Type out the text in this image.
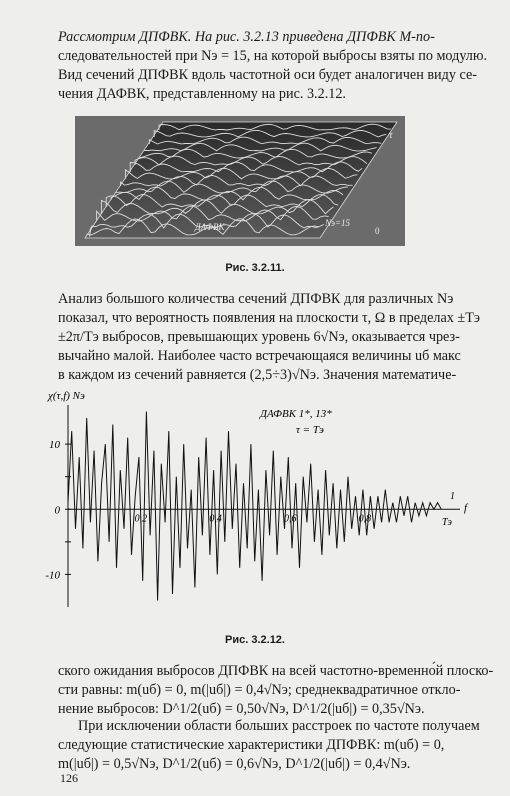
Рассмотрим ДПФВК. На рис. 3.2.13 приведена ДПФВК М-по-
следовательностей при Nэ = 15, на которой выбросы взяты по модулю.
Вид сечений ДПФВК вдоль частотной оси будет аналогичен виду се-
чения ДАФВК, представленному на рис. 3.2.12.

f
τ
ДАФВК	Nэ=15
0
Рис. 3.2.11.

Анализ большого количества сечений ДПФВК для различных Nэ
показал, что вероятность появления на плоскости τ, Ω в пределах ±Tэ
±2π/Tэ выбросов, превышающих уровень 6√Nэ, оказывается чрез-
вычайно малой. Наиболее часто встречающаяся величины uб макс
в каждом из сечений равняется (2,5÷3)√Nэ. Значения математиче-

χ(τ,f) Nэ
10
0
-10
0,2	0,4	0,6	0,8
ДАФВК 1*, 13*
τ = Tэ
f
1
Tэ
Рис. 3.2.12.

ского ожидания выбросов ДПФВК на всей частотно-временно́й плоско-
сти равны: m(uб) = 0, m(|uб|) = 0,4√Nэ; среднеквадратичное откло-
нение выбросов: D^1/2(uб) = 0,50√Nэ, D^1/2(|uб|) = 0,35√Nэ.

При исключении области больших расстроек по частоте получаем
следующие статистические характеристики ДПФВК: m(uб) = 0,
m(|uб|) = 0,5√Nэ, D^1/2(uб) = 0,6√Nэ, D^1/2(|uб|) = 0,4√Nэ.

126
